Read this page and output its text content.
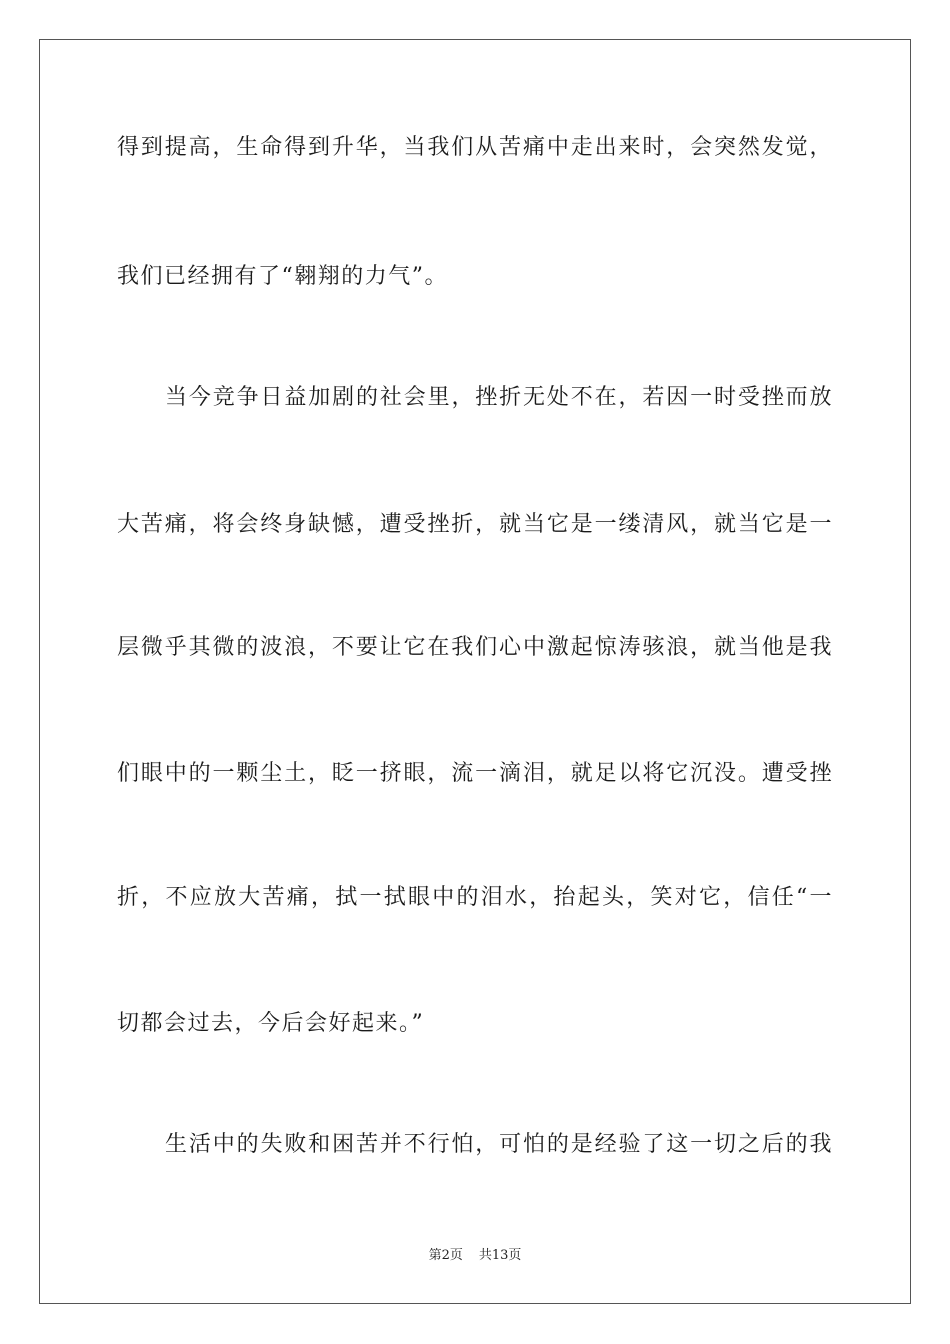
得到提高，生命得到升华，当我们从苦痛中走出来时，会突然发觉，
我们已经拥有了“翱翔的力气”。
当今竞争日益加剧的社会里，挫折无处不在，若因一时受挫而放
大苦痛，将会终身缺憾，遭受挫折，就当它是一缕清风，就当它是一
层微乎其微的波浪，不要让它在我们心中激起惊涛骇浪，就当他是我
们眼中的一颗尘土，眨一挤眼，流一滴泪，就足以将它沉没。遭受挫
折，不应放大苦痛，拭一拭眼中的泪水，抬起头，笑对它，信任“一
切都会过去，今后会好起来。”
生活中的失败和困苦并不行怕，可怕的是经验了这一切之后的我
第2页 共13页
